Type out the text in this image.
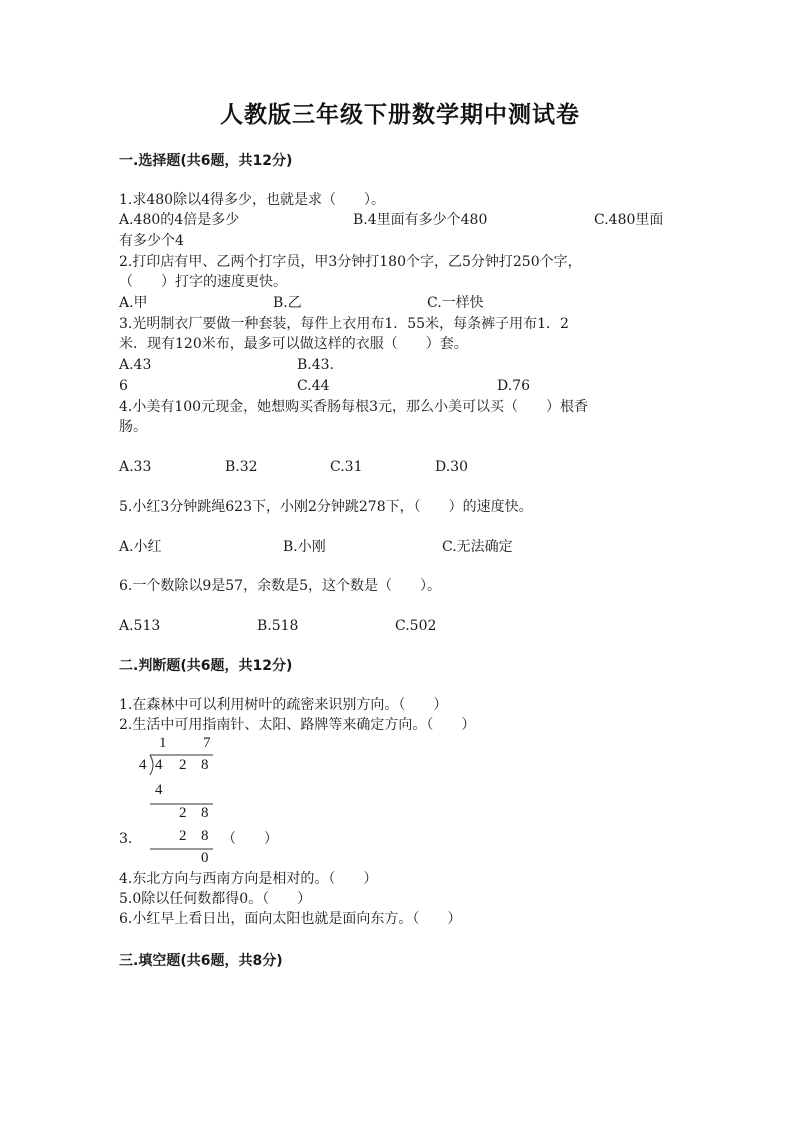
人教版三年级下册数学期中测试卷
一.选择题(共6题，共12分)
1.求480除以4得多少，也就是求（　　）。
A.480的4倍是多少	B.4里面有多少个480	C.480里面
有多少个4
2.打印店有甲、乙两个打字员，甲3分钟打180个字，乙5分钟打250个字，
（　　）打字的速度更快。
A.甲	B.乙	C.一样快
3.光明制衣厂要做一种套装，每件上衣用布1．55米，每条裤子用布1．2
米．现有120米布，最多可以做这样的衣服（　　）套。
A.43	B.43.
6	C.44	D.76
4.小美有100元现金，她想购买香肠每根3元，那么小美可以买（　　）根香
肠。
A.33	B.32	C.31	D.30
5.小红3分钟跳绳623下，小刚2分钟跳278下，（　　）的速度快。
A.小红	B.小刚	C.无法确定
6.一个数除以9是57，余数是5，这个数是（　　）。
A.513	B.518	C.502
二.判断题(共6题，共12分)
1.在森林中可以利用树叶的疏密来识别方向。（　　）
2.生活中可用指南针、太阳、路牌等来确定方向。（　　）
1 7
4 4 2 8
4
2 8
2 8
0
3.	（　　）
4.东北方向与西南方向是相对的。（　　）
5.0除以任何数都得0。（　　）
6.小红早上看日出，面向太阳也就是面向东方。（　　）
三.填空题(共6题，共8分)
